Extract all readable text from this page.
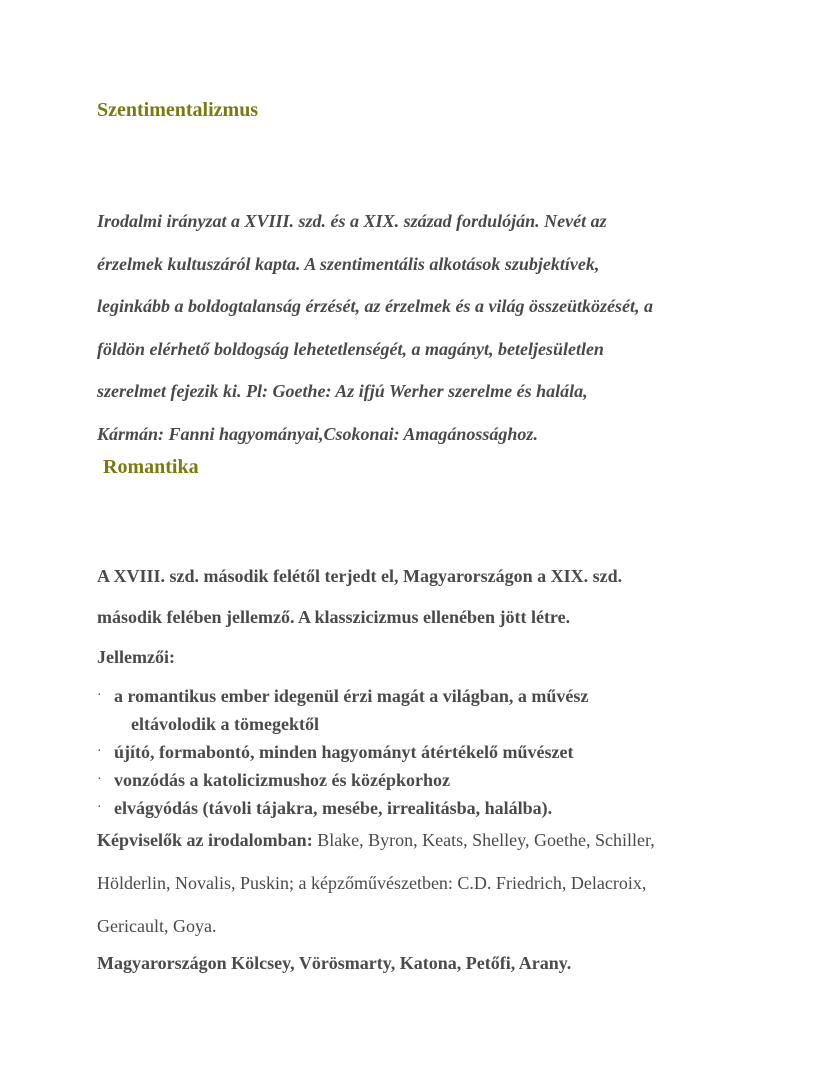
Szentimentalizmus

Irodalmi irányzat a XVIII. szd. és a XIX. század fordulóján. Nevét az
érzelmek kultuszáról kapta. A szentimentális alkotások szubjektívek,
leginkább a boldogtalanság érzését, az érzelmek és a világ összeütközését, a
földön elérhető boldogság lehetetlenségét, a magányt, beteljesületlen
szerelmet fejezik ki. Pl: Goethe: Az ifjú Werher szerelme és halála,
Kármán: Fanni hagyományai,Csokonai: Amagánossághoz.

Romantika

A XVIII. szd. második felétől terjedt el, Magyarországon a XIX. szd.
második felében jellemző. A klasszicizmus ellenében jött létre.

Jellemzői:

· a romantikus ember idegenül érzi magát a világban, a művész

eltávolodik a tömegektől
· újító, formabontó, minden hagyományt átértékelő művészet
· vonzódás a katolicizmushoz és középkorhoz
· elvágyódás (távoli tájakra, mesébe, irrealitásba, halálba).

Képviselők az irodalomban: Blake, Byron, Keats, Shelley, Goethe, Schiller,
Hölderlin, Novalis, Puskin; a képzőművészetben: C.D. Friedrich, Delacroix,
Gericault, Goya.

Magyarországon Kölcsey, Vörösmarty, Katona, Petőfi, Arany.
